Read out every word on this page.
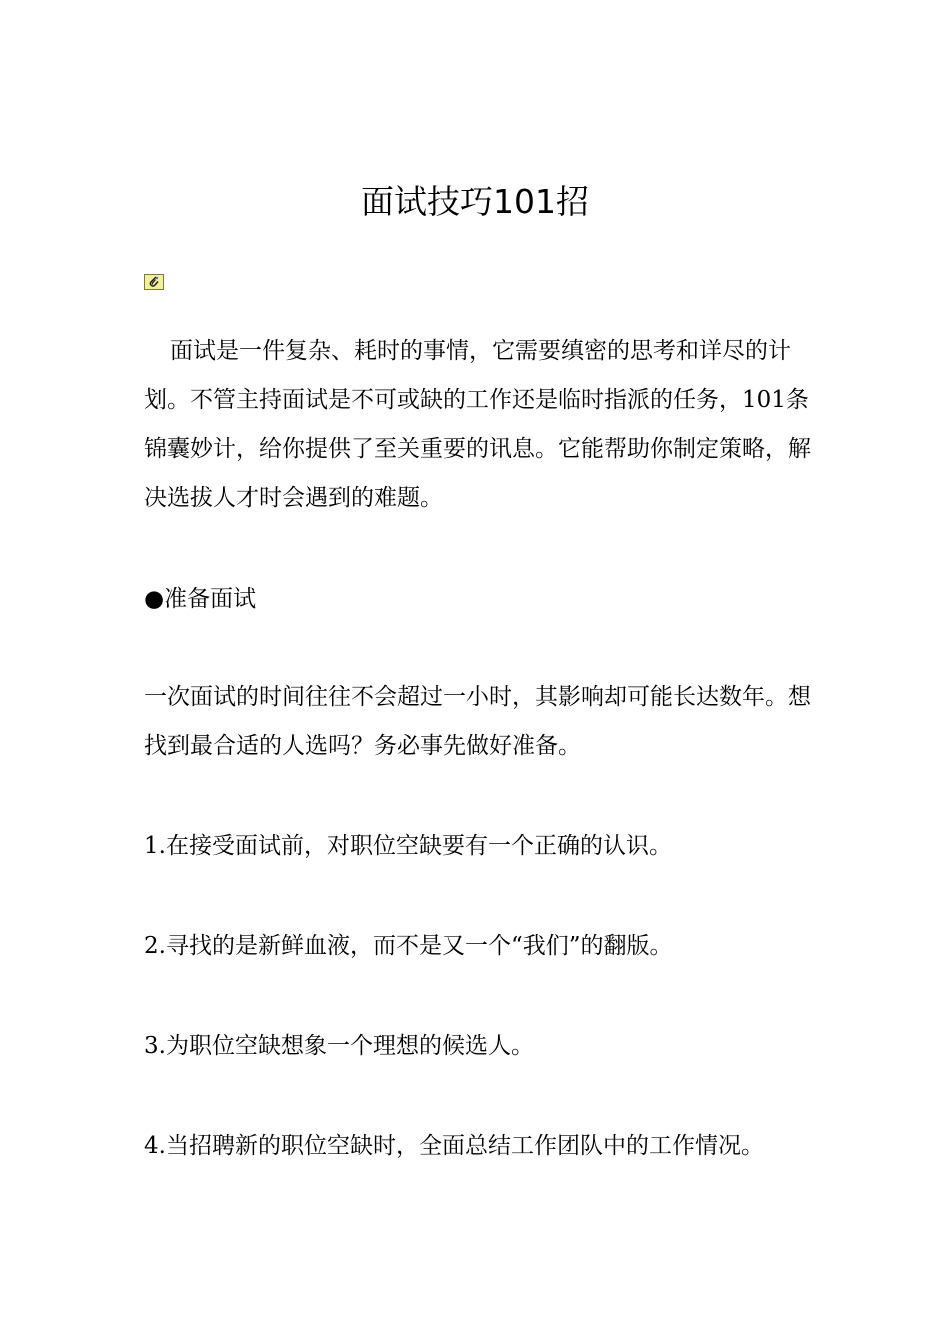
面试技巧101招

面试是一件复杂、耗时的事情，它需要缜密的思考和详尽的计划。不管主持面试是不可或缺的工作还是临时指派的任务，101条锦囊妙计，给你提供了至关重要的讯息。它能帮助你制定策略，解决选拔人才时会遇到的难题。

●准备面试

一次面试的时间往往不会超过一小时，其影响却可能长达数年。想找到最合适的人选吗？务必事先做好准备。

1.在接受面试前，对职位空缺要有一个正确的认识。

2.寻找的是新鲜血液，而不是又一个“我们”的翻版。

3.为职位空缺想象一个理想的候选人。

4.当招聘新的职位空缺时，全面总结工作团队中的工作情况。
